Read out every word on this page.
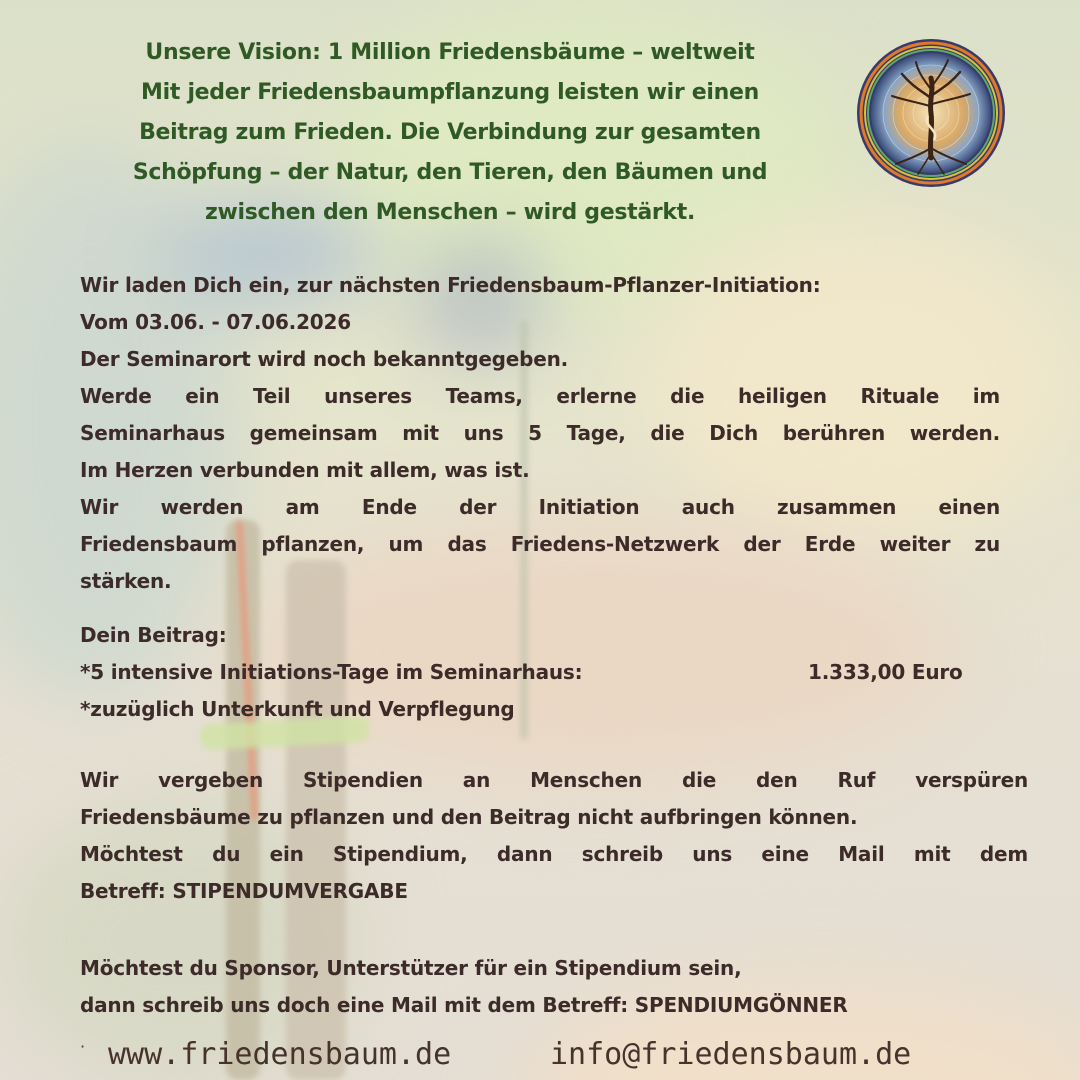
Unsere Vision: 1 Million Friedensbäume – weltweit
Mit jeder Friedensbaumpflanzung leisten wir einen
Beitrag zum Frieden. Die Verbindung zur gesamten
Schöpfung – der Natur, den Tieren, den Bäumen und
zwischen den Menschen – wird gestärkt.
Wir laden Dich ein, zur nächsten Friedensbaum-Pflanzer-Initiation:
Vom 03.06. - 07.06.2026
Der Seminarort wird noch bekanntgegeben.
Werde ein Teil unseres Teams, erlerne die heiligen Rituale im
Seminarhaus gemeinsam mit uns 5 Tage, die Dich berühren werden.
Im Herzen verbunden mit allem, was ist.
Wir werden am Ende der Initiation auch zusammen einen
Friedensbaum pflanzen, um das Friedens-Netzwerk der Erde weiter zu
stärken.
Dein Beitrag:
*5 intensive Initiations-Tage im Seminarhaus:	1.333,00 Euro
*zuzüglich Unterkunft und Verpflegung
Wir vergeben Stipendien an Menschen die den Ruf verspüren
Friedensbäume zu pflanzen und den Beitrag nicht aufbringen können.
Möchtest du ein Stipendium, dann schreib uns eine Mail mit dem
Betreff: STIPENDUMVERGABE
Möchtest du Sponsor, Unterstützer für ein Stipendium sein,
dann schreib uns doch eine Mail mit dem Betreff: SPENDIUMGÖNNER
· www.friedensbaum.de	info@friedensbaum.de
